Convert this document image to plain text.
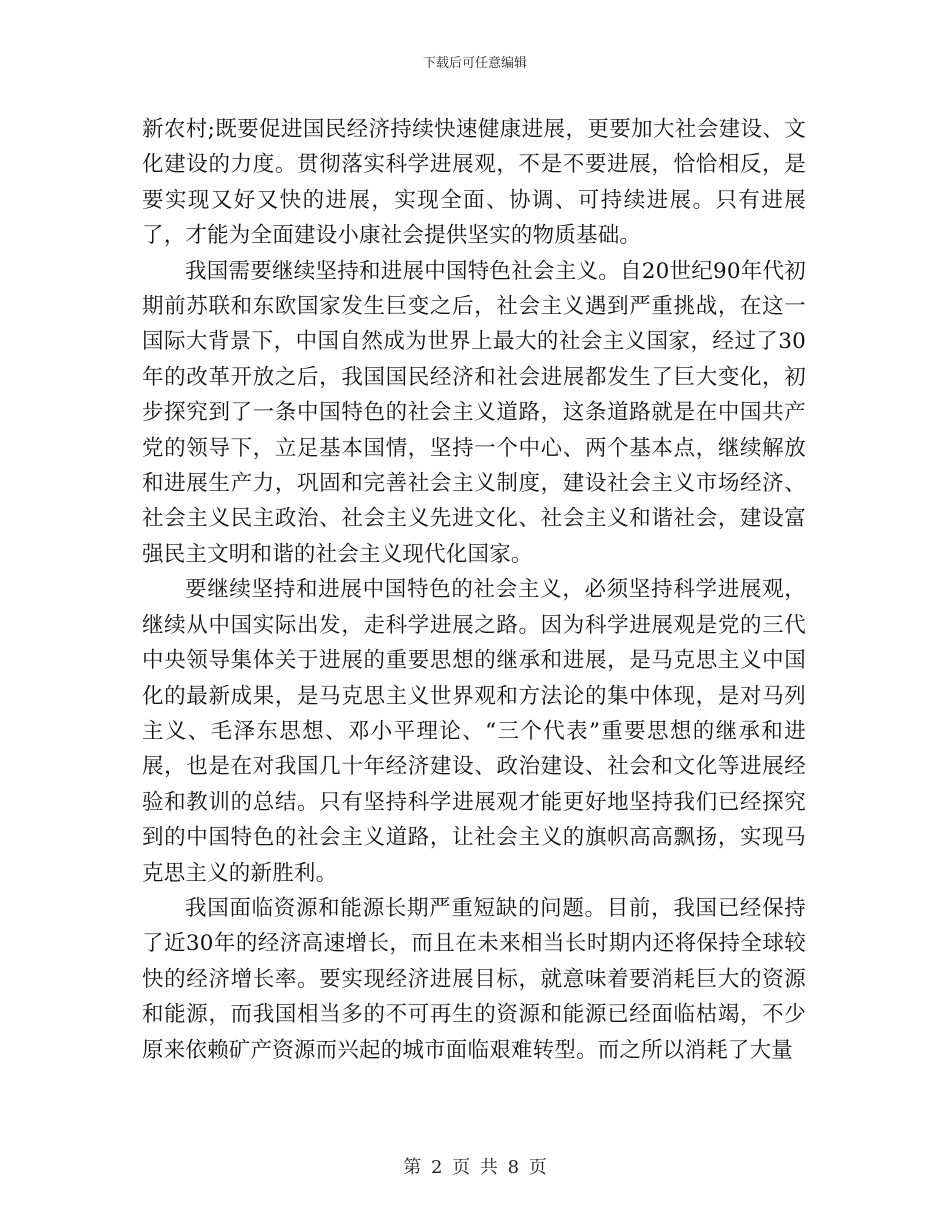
下载后可任意编辑

新农村;既要促进国民经济持续快速健康进展，更要加大社会建设、文化建设的力度。贯彻落实科学进展观，不是不要进展，恰恰相反，是要实现又好又快的进展，实现全面、协调、可持续进展。只有进展了，才能为全面建设小康社会提供坚实的物质基础。

我国需要继续坚持和进展中国特色社会主义。自20世纪90年代初期前苏联和东欧国家发生巨变之后，社会主义遇到严重挑战，在这一国际大背景下，中国自然成为世界上最大的社会主义国家，经过了30年的改革开放之后，我国国民经济和社会进展都发生了巨大变化，初步探究到了一条中国特色的社会主义道路，这条道路就是在中国共产党的领导下，立足基本国情，坚持一个中心、两个基本点，继续解放和进展生产力，巩固和完善社会主义制度，建设社会主义市场经济、社会主义民主政治、社会主义先进文化、社会主义和谐社会，建设富强民主文明和谐的社会主义现代化国家。

要继续坚持和进展中国特色的社会主义，必须坚持科学进展观，继续从中国实际出发，走科学进展之路。因为科学进展观是党的三代中央领导集体关于进展的重要思想的继承和进展，是马克思主义中国化的最新成果，是马克思主义世界观和方法论的集中体现，是对马列主义、毛泽东思想、邓小平理论、“三个代表”重要思想的继承和进展，也是在对我国几十年经济建设、政治建设、社会和文化等进展经验和教训的总结。只有坚持科学进展观才能更好地坚持我们已经探究到的中国特色的社会主义道路，让社会主义的旗帜高高飘扬，实现马克思主义的新胜利。

我国面临资源和能源长期严重短缺的问题。目前，我国已经保持了近30年的经济高速增长，而且在未来相当长时期内还将保持全球较快的经济增长率。要实现经济进展目标，就意味着要消耗巨大的资源和能源，而我国相当多的不可再生的资源和能源已经面临枯竭，不少原来依赖矿产资源而兴起的城市面临艰难转型。而之所以消耗了大量

第 2 页 共 8 页
